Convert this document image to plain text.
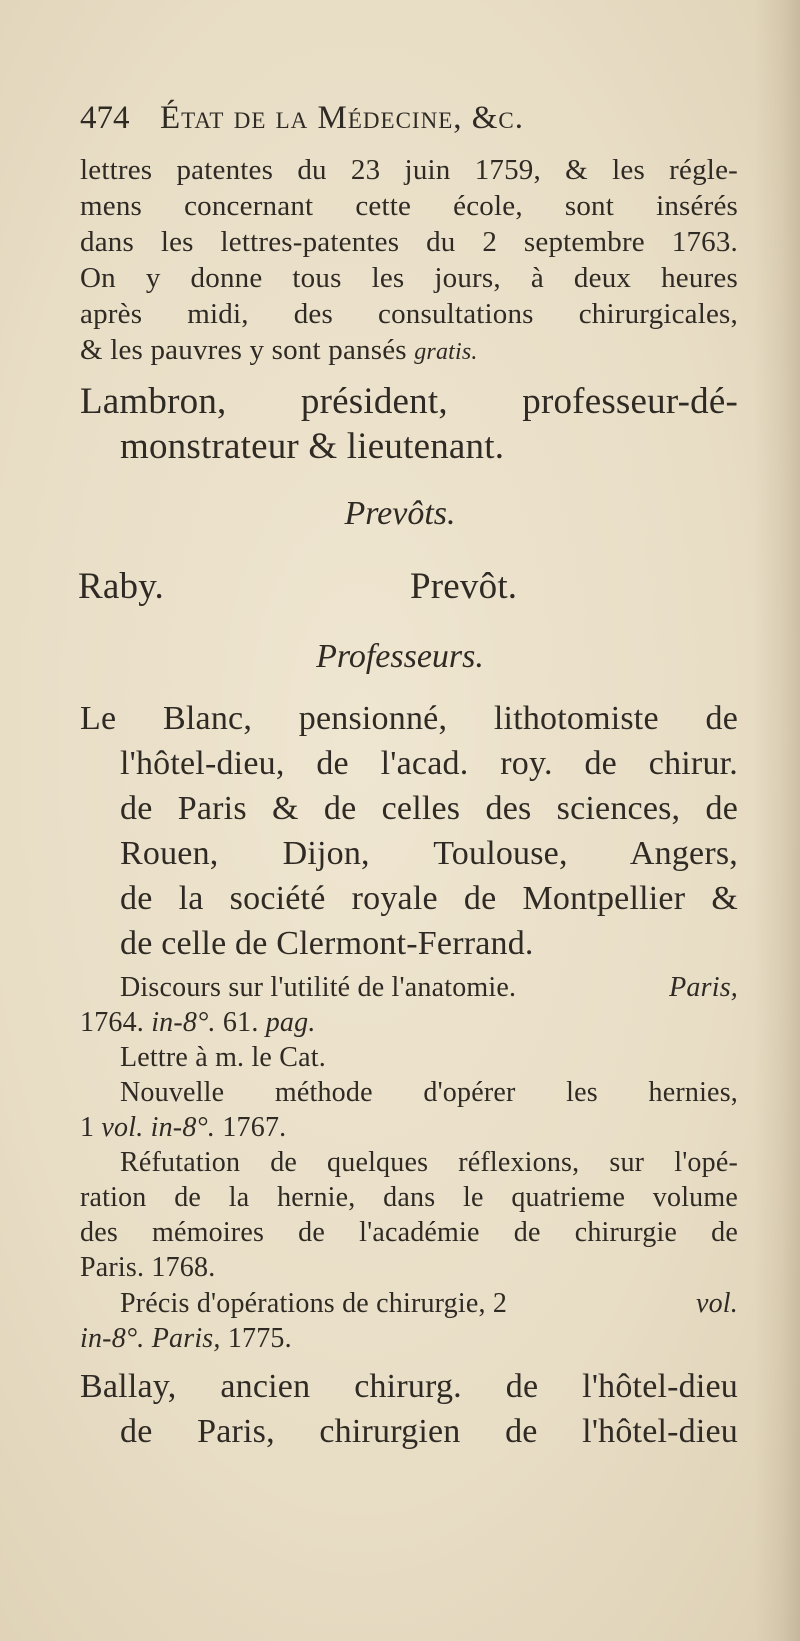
474 État de la Médecine, &c.
lettres patentes du 23 juin 1759, & les régle-
mens concernant cette école, sont insérés
dans les lettres-patentes du 2 septembre 1763.
On y donne tous les jours, à deux heures
après midi, des consultations chirurgicales,
& les pauvres y sont pansés gratis.
Lambron, président, professeur-dé-
monstrateur & lieutenant.
Prevôts.
Raby.	Prevôt.
Professeurs.
Le Blanc, pensionné, lithotomiste de
l'hôtel-dieu, de l'acad. roy. de chirur.
de Paris & de celles des sciences, de
Rouen, Dijon, Toulouse, Angers,
de la société royale de Montpellier &
de celle de Clermont-Ferrand.
Discours sur l'utilité de l'anatomie.	Paris,
1764. in-8°. 61. pag.
Lettre à m. le Cat.
Nouvelle méthode d'opérer les hernies,
1 vol. in-8°. 1767.
Réfutation de quelques réflexions, sur l'opé-
ration de la hernie, dans le quatrieme volume
des mémoires de l'académie de chirurgie de
Paris. 1768.
Précis d'opérations de chirurgie, 2	vol.
in-8°. Paris, 1775.
Ballay, ancien chirurg. de l'hôtel-dieu
de Paris, chirurgien de l'hôtel-dieu
